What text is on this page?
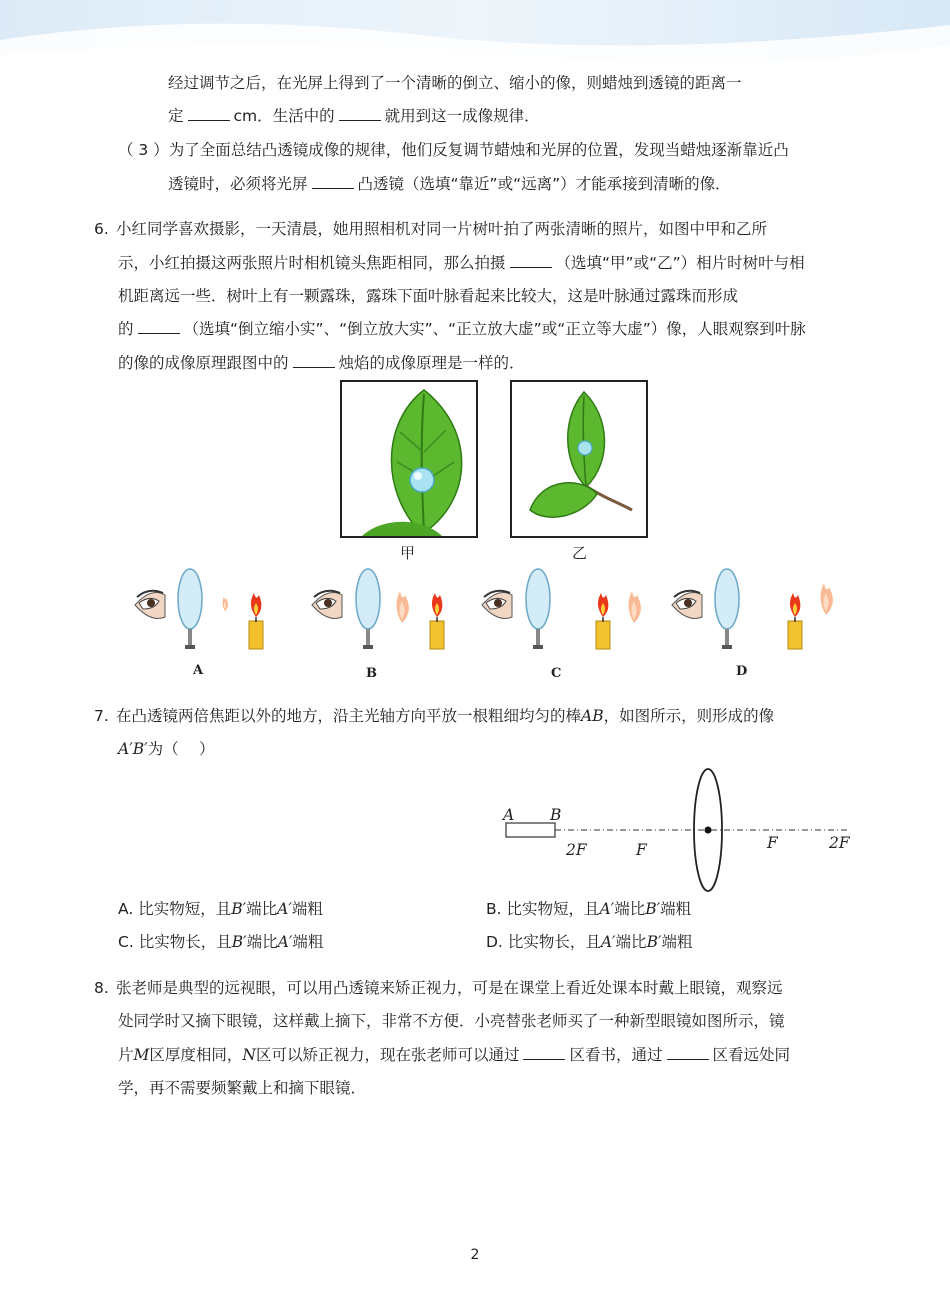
经过调节之后，在光屏上得到了一个清晰的倒立、缩小的像，则蜡烛到透镜的距离一
定	cm．生活中的	就用到这一成像规律．
（ 3 ）为了全面总结凸透镜成像的规律，他们反复调节蜡烛和光屏的位置，发现当蜡烛逐渐靠近凸
透镜时，必须将光屏	凸透镜（选填“靠近”或“远离”）才能承接到清晰的像．
6. 小红同学喜欢摄影，一天清晨，她用照相机对同一片树叶拍了两张清晰的照片，如图中甲和乙所
示，小红拍摄这两张照片时相机镜头焦距相同，那么拍摄	（选填“甲”或“乙”）相片时树叶与相
机距离远一些．树叶上有一颗露珠，露珠下面叶脉看起来比较大，这是叶脉通过露珠而形成
的	（选填“倒立缩小实”、“倒立放大实”、“正立放大虚”或“正立等大虚”）像，人眼观察到叶脉
的像的成像原理跟图中的	烛焰的成像原理是一样的．
甲	乙
A	B	C	D
7. 在凸透镜两倍焦距以外的地方，沿主光轴方向平放一根粗细均匀的棒AB，如图所示，则形成的像
A′B′为（　 ）
A B
2F	F	F	2F
A. 比实物短，且B′端比A′端粗	B. 比实物短，且A′端比B′端粗
C. 比实物长，且B′端比A′端粗	D. 比实物长，且A′端比B′端粗
8. 张老师是典型的远视眼，可以用凸透镜来矫正视力，可是在课堂上看近处课本时戴上眼镜，观察远
处同学时又摘下眼镜，这样戴上摘下，非常不方便．小亮替张老师买了一种新型眼镜如图所示，镜
片M区厚度相同，N区可以矫正视力，现在张老师可以通过	区看书，通过	区看远处同
学，再不需要频繁戴上和摘下眼镜．
2
